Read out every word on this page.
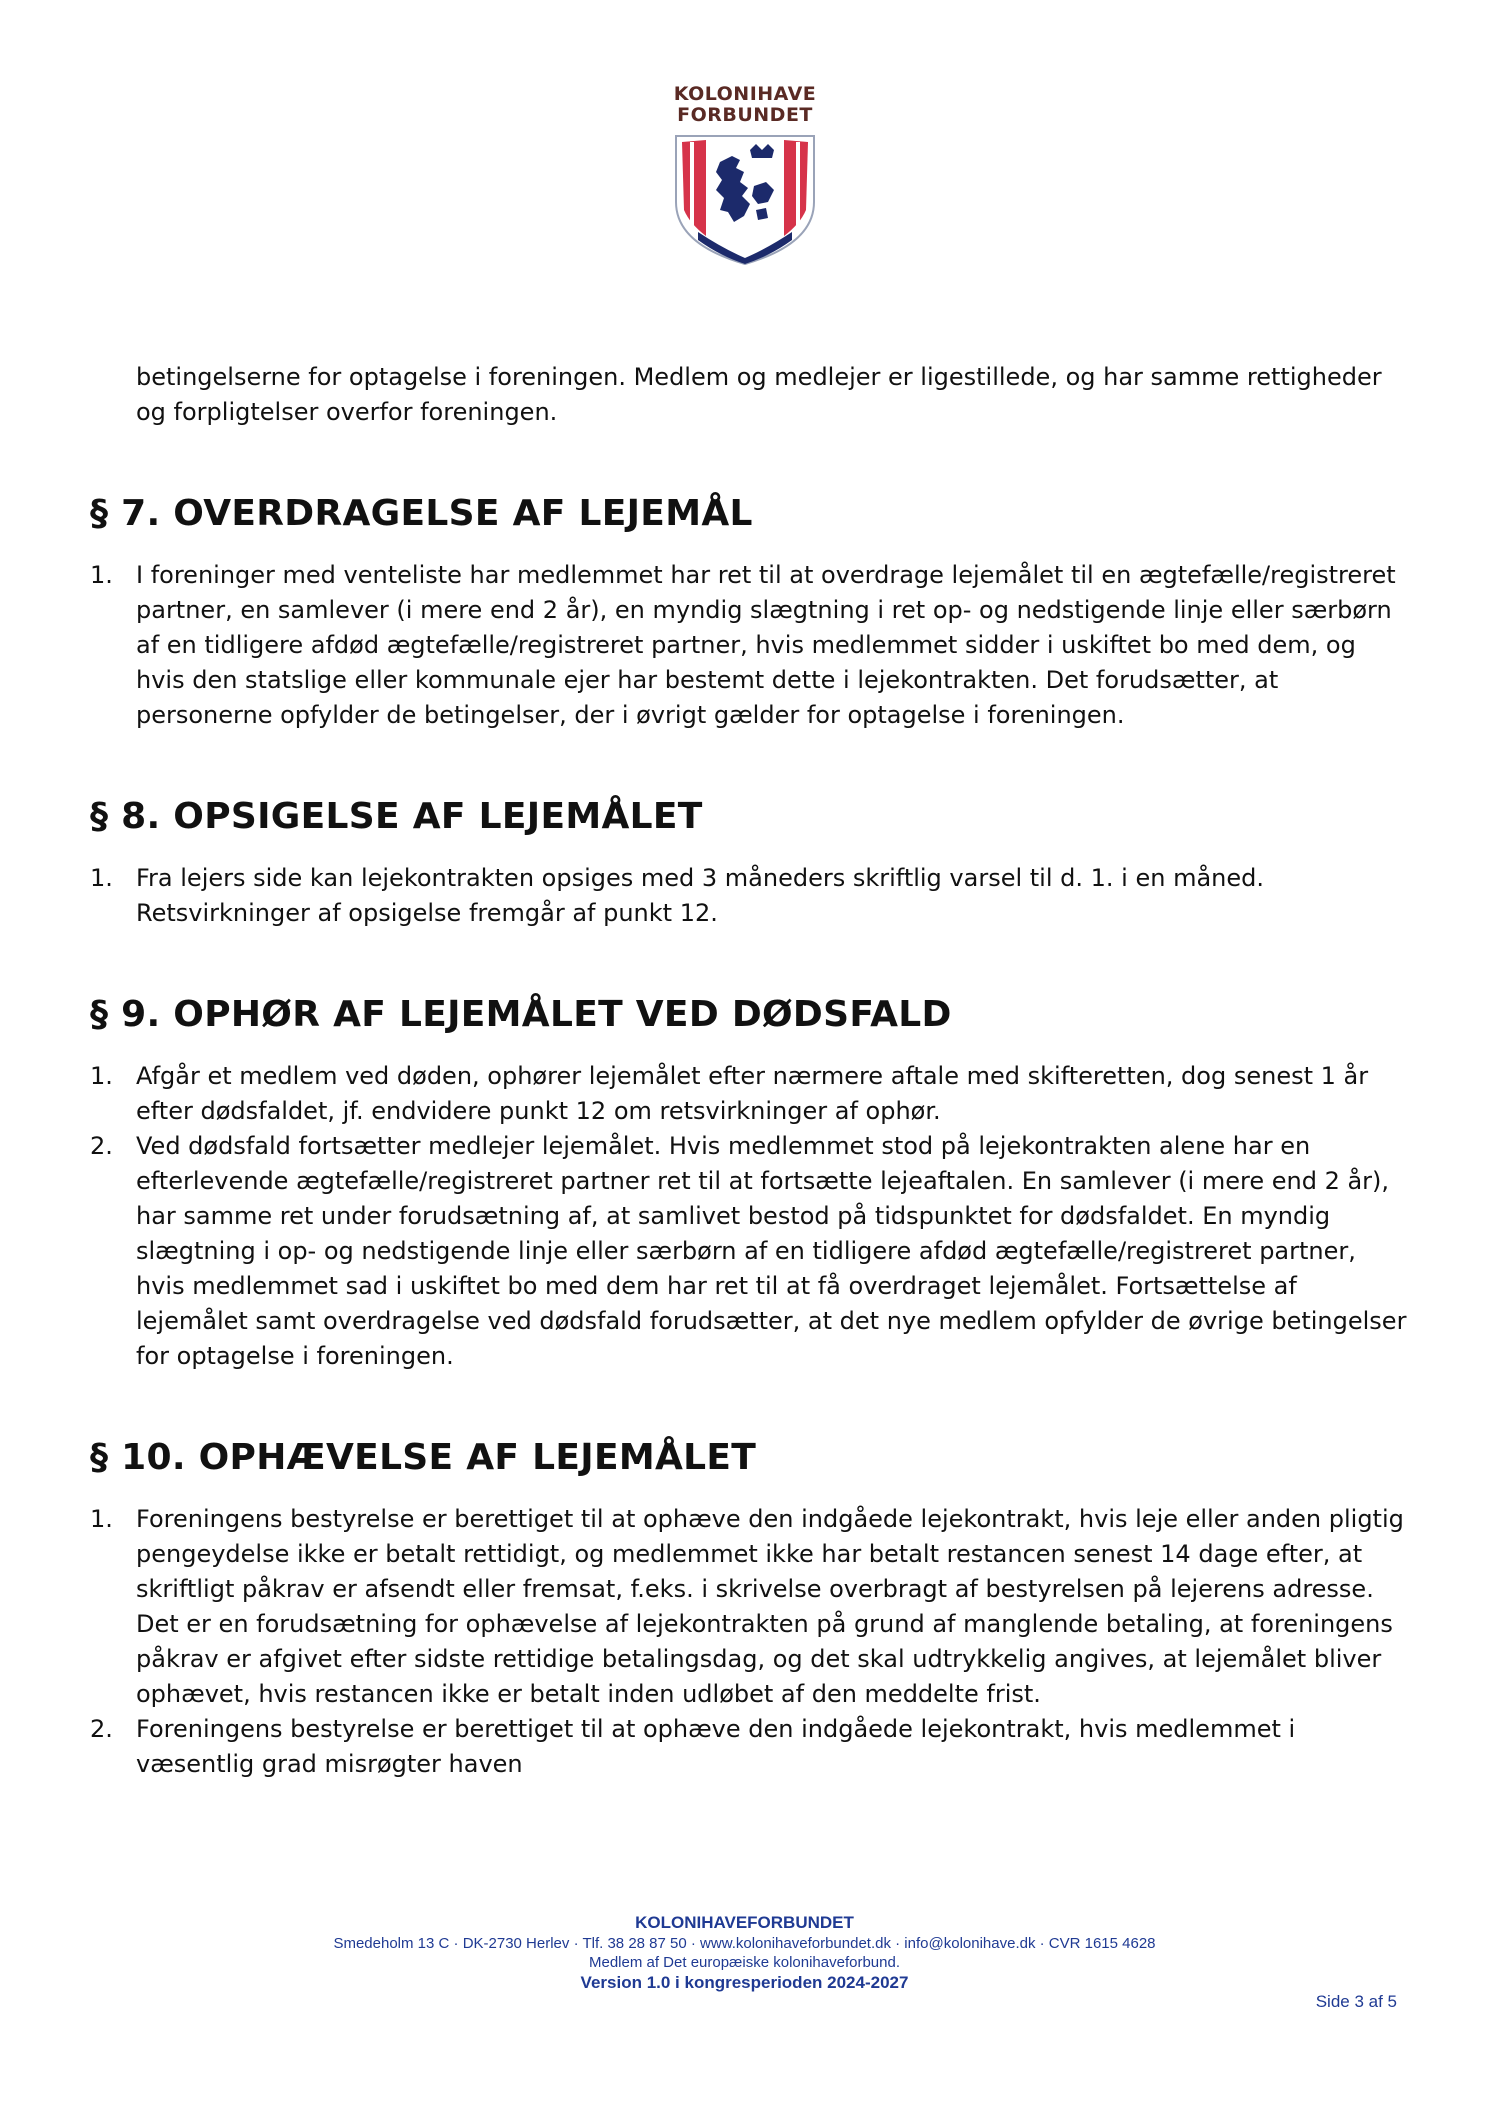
KOLONIHAVE
FORBUNDET
betingelserne for optagelse i foreningen. Medlem og medlejer er ligestillede, og har samme rettigheder og forpligtelser overfor foreningen.
§ 7. OVERDRAGELSE AF LEJEMÅL
1. I foreninger med venteliste har medlemmet har ret til at overdrage lejemålet til en ægtefælle/registreret partner, en samlever (i mere end 2 år), en myndig slægtning i ret op- og nedstigende linje eller særbørn af en tidligere afdød ægtefælle/registreret partner, hvis medlemmet sidder i uskiftet bo med dem, og hvis den statslige eller kommunale ejer har bestemt dette i lejekontrakten. Det forudsætter, at personerne opfylder de betingelser, der i øvrigt gælder for optagelse i foreningen.

§ 8. OPSIGELSE AF LEJEMÅLET
1. Fra lejers side kan lejekontrakten opsiges med 3 måneders skriftlig varsel til d. 1. i en måned. Retsvirkninger af opsigelse fremgår af punkt 12.

§ 9. OPHØR AF LEJEMÅLET VED DØDSFALD
1. Afgår et medlem ved døden, ophører lejemålet efter nærmere aftale med skifteretten, dog senest 1 år efter dødsfaldet, jf. endvidere punkt 12 om retsvirkninger af ophør.

2. Ved dødsfald fortsætter medlejer lejemålet. Hvis medlemmet stod på lejekontrakten alene har en efterlevende ægtefælle/registreret partner ret til at fortsætte lejeaftalen. En samlever (i mere end 2 år), har samme ret under forudsætning af, at samlivet bestod på tidspunktet for dødsfaldet. En myndig slægtning i op- og nedstigende linje eller særbørn af en tidligere afdød ægtefælle/registreret partner, hvis medlemmet sad i uskiftet bo med dem har ret til at få overdraget lejemålet. Fortsættelse af lejemålet samt overdragelse ved dødsfald forudsætter, at det nye medlem opfylder de øvrige betingelser for optagelse i foreningen.

§ 10. OPHÆVELSE AF LEJEMÅLET
1. Foreningens bestyrelse er berettiget til at ophæve den indgåede lejekontrakt, hvis leje eller anden pligtig pengeydelse ikke er betalt rettidigt, og medlemmet ikke har betalt restancen senest 14 dage efter, at skriftligt påkrav er afsendt eller fremsat, f.eks. i skrivelse overbragt af bestyrelsen på lejerens adresse. Det er en forudsætning for ophævelse af lejekontrakten på grund af manglende betaling, at foreningens påkrav er afgivet efter sidste rettidige betalingsdag, og det skal udtrykkelig angives, at lejemålet bliver ophævet, hvis restancen ikke er betalt inden udløbet af den meddelte frist.

2. Foreningens bestyrelse er berettiget til at ophæve den indgåede lejekontrakt, hvis medlemmet i væsentlig grad misrøgter haven

KOLONIHAVEFORBUNDET
Smedeholm 13 C · DK-2730 Herlev · Tlf. 38 28 87 50 · www.kolonihaveforbundet.dk · info@kolonihave.dk · CVR 1615 4628
Medlem af Det europæiske kolonihaveforbund.
Version 1.0 i kongresperioden 2024-2027
Side 3 af 5
